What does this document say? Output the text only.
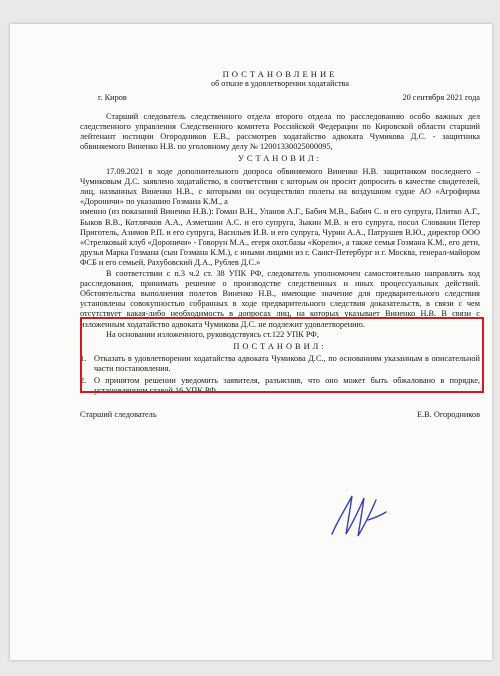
ПОСТАНОВЛЕНИЕ

об отказе в удовлетворении ходатайства

г. Киров	20 сентября 2021 года

Старший следователь следственного отдела второго отдела по расследованию особо важных дел следственного управления Следственного комитета Российской Федерации по Кировской области старший лейтенант юстиции Огородников Е.В., рассмотрев ходатайство адвоката Чумикова Д.С. - защитника обвиняемого Виненко Н.В. по уголовному делу № 12001330025000095,

УСТАНОВИЛ:

17.09.2021 в ходе дополнительного допроса обвиняемого Виненко Н.В. защитником последнего – Чумиковым Д.С. заявлено ходатайство, в соответствии с которым он просит допросить в качестве свидетелей, лиц, названных Виненко Н.В., с которыми он осуществлял полеты на воздушном судне АО «Агрофирма «Дороничи» по указанию Гозмана К.М., а
именно (из показаний Виненко Н.В.): Гоман В.Н., Уланов А.Г., Бабич М.В., Бабич С. и его супруга, Плитко А.Г., Быков В.В., Котлячков А.А., Азметшин А.С. и его супруга, Зыкин М.В. и его супруга, посол Словакии Петер Приготель, Азимов Р.П. и его супруга, Васильев И.В. и его супруга, Чурин А.А., Патрушев В.Ю., директор ООО «Стрелковый клуб «Дороничи» - Говорун М.А., егеря охот.базы «Корели», а также семья Гозмана К.М., его дети, друзья Марка Гозмана (сын Гозмана К.М.), с иными лицами из г. Санкт-Петербург и г. Москва, генерал-майором ФСБ и его семьей, Рахубовский Д.А., Рублев Д.С.»

В соответствии с п.3 ч.2 ст. 38 УПК РФ, следователь уполномочен самостоятельно направлять ход расследования, принимать решение о производстве следственных и иных процессуальных действий. Обстоятельства выполнения полетов Виненко Н.В., имеющие значение для предварительного следствия установлены совокупностью собранных в ходе предварительного следствия доказательств, в связи с чем отсутствует какая-либо необходимость в допросах лиц, на которых указывает Виненко Н.В. В связи с изложенным ходатайство адвоката Чумикова Д.С. не подлежит удовлетворению.

На основании изложенного, руководствуясь ст.122 УПК РФ,

ПОСТАНОВИЛ:

1. Отказать в удовлетворении ходатайства адвоката Чумикова Д.С., по основаниям указанным в описательной части постановления.
2. О принятом решении уведомить заявителя, разъяснив, что оно может быть обжаловано в порядке, установленном главой 16 УПК РФ.
Старший следователь	Е.В. Огородников
